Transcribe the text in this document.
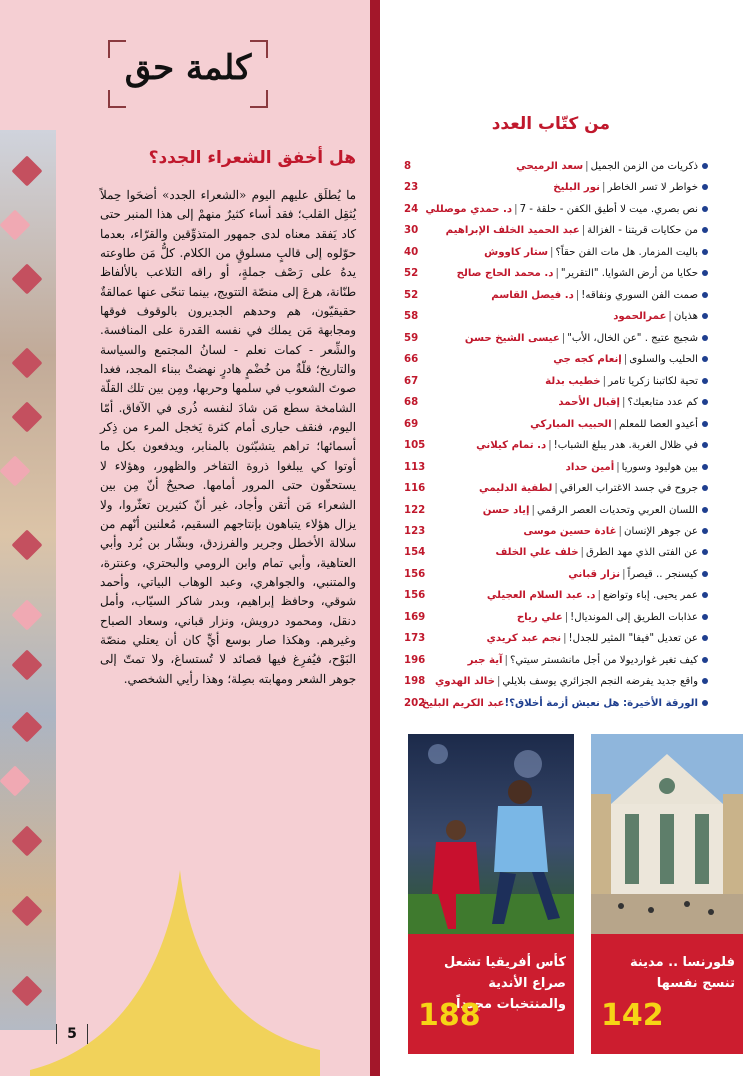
كلمة حق
هل أخفق الشعراء الجدد؟
ما يُطلَق عليهم اليوم «الشعراء الجدد» أضحَوا حِملاً يُثقِل القلب؛ فقد أساء كثيرٌ منهمْ إلى هذا المنبر حتى كاد يَفقد معناه لدى جمهور المتذوِّقين والقرّاء، بعدما حوّلوه إلى قالبٍ مسلوقٍ من الكلام. كلُّ مَن طاوعته يدهُ على رَصْف جملةٍ، أو راقه التلاعب بالألفاظ طنّانة، هرعَ إلى منصّة التتويج، بينما تنحّى عنها عمالقةٌ حقيقيّون، هم وحدهم الجديرون بالوقوف فوقها ومجابهة مَن يملك في نفسه القدرة على المنافسة. والشِّعر - كمات نعلم - لسانُ المجتمع والسياسة والتاريخ؛ قلّةٌ من خُضْمٍ هادرٍ نهضتْ ببناء المجد، فغدا صوتَ الشعوب في سلمها وحربها، ومِن بين تلك القلّة الشامخة سطع مَن شادَ لنفسه ذُرى في الآفاق. أمّا اليوم، فنقف حيارى أمام كثرة يَخجل المرء من ذِكر أسمائها؛ تراهم يتشبّثون بالمنابر، ويدفعون بكل ما أوتوا كي يبلغوا ذروة التفاخر والظهور، وهؤلاء لا يستحقّون حتى المرور أمامها. صحيحٌ أنّ مِن بين الشعراء مَن أتقن وأجاد، غير أنّ كثيرين تعثّروا، ولا يزال هؤلاء يتباهون بإنتاجهم السقيم، مُعلنين أنّهم من سلالة الأخطل وجرير والفرزدق، وبشّار بن بُرد وأبي العتاهية، وأبي تمام وابن الرومي والبحتري، وعنترة، والمتنبي، والجواهري، وعبد الوهاب البياتي، وأحمد شوقي، وحافظ إبراهيم، وبدر شاكر السيّاب، وأمل دنقل، ومحمود درويش، ونزار قباني، وسعاد الصباح وغيرهم. وهكذا صار بوسع أيٍّ كان أن يعتلي منصّة البَوْح، فيُفرِغ فيها قصائد لا تُستساغ، ولا تمتّ إلى جوهر الشعر ومهابته بصِلة؛ وهذا رأيي الشخصي.
5
من كتّاب العدد
ذكريات من الزمن الجميل|سعد الرميحي
8
خواطر لا تسر الخاطر|نور البليخ
23
نص بصري. ميت لا أطيق الكفن - حلقة - 7|د. حمدي موصللي
24
من حكايات قريتنا - الغزالة|عبد الحميد الخلف الإبراهيم
30
باليت المزمار. هل مات الفن حقاً؟|ستار كاووش
40
حكايا من أرض الشوايا. "التقرير"|د. محمد الحاج صالح
52
صمت الفن السوري ونفاقه!|د. فيصل القاسم
52
هذيان|عمرالحمود
58
شجيج عتيج . "عن الخال، الأب"|عيسى الشيخ حسن
59
الحليب والسلوى|إنعام كجه جي
66
تحية لكاتبنا زكريا تامر|خطيب بدلة
67
كم عدد متابعيك؟|إقبال الأحمد
68
أعيدو العصا للمعلم|الحبيب المباركي
69
في ظلال الغربة. هدر يبلغ الشباب!|د. تمام كيلاني
105
بين هوليود وسوريا|أمين حداد
113
جروح في جسد الاغتراب العراقي|لطفية الدليمي
116
اللسان العربي وتحديات العصر الرقمي|إياد حسن
122
عن جوهر الإنسان|غادة حسين موسى
123
عن الفتى الذي مهد الطرق|خلف علي الخلف
154
كيسنجر .. قيصراً|نزار قباني
156
عمر يحيى. إباء وتواضع|د. عبد السلام العجيلي
156
عذابات الطريق إلى الموندیال!|علي رياح
169
عن تعديل "فيفا" المثير للجدل!|نجم عبد كريدي
173
كيف تغير غوارديولا من أجل مانشستر سيتي؟|آية جبر
196
واقع جديد يفرضه النجم الجزائري يوسف بلايلي|خالد الهدوي
198
الورقة الأخيرة: هل نعيش أزمة أخلاق؟!عبد الكريم البليخ
202
كأس أفريقيا تشعل صراع الأندية والمنتخبات مجدداً
188
فلورنسا .. مدينة تنسج نفسها
142
